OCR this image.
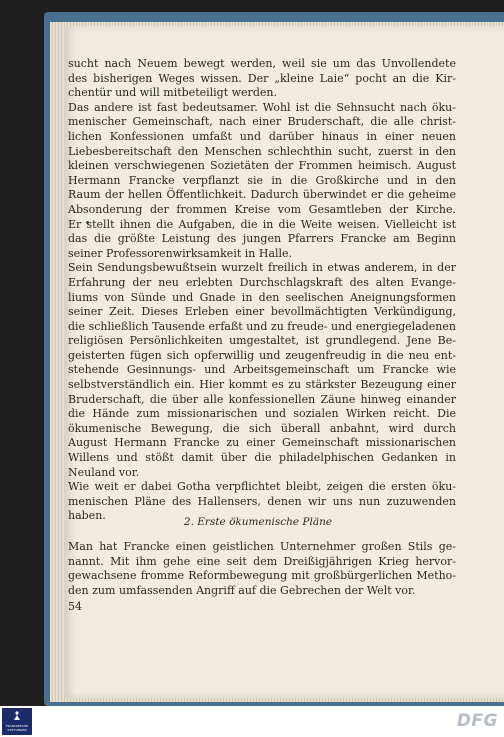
sucht nach Neuem bewegt werden, weil sie um das Unvollendete
des bisherigen Weges wissen. Der „kleine Laie“ pocht an die Kir-
chentür und will mitbeteiligt werden.
Das andere ist fast bedeutsamer. Wohl ist die Sehnsucht nach öku-
menischer Gemeinschaft, nach einer Bruderschaft, die alle christ-
lichen Konfessionen umfaßt und darüber hinaus in einer neuen
Liebesbereitschaft den Menschen schlechthin sucht, zuerst in den
kleinen verschwiegenen Sozietäten der Frommen heimisch. August
Hermann Francke verpflanzt sie in die Großkirche und in den
Raum der hellen Öffentlichkeit. Dadurch überwindet er die geheime
Absonderung der frommen Kreise vom Gesamtleben der Kirche.
Er stellt ihnen die Aufgaben, die in die Weite weisen. Vielleicht ist
das die größte Leistung des jungen Pfarrers Francke am Beginn
seiner Professorenwirksamkeit in Halle.
Sein Sendungsbewußtsein wurzelt freilich in etwas anderem, in der
Erfahrung der neu erlebten Durchschlagskraft des alten Evange-
liums von Sünde und Gnade in den seelischen Aneignungsformen
seiner Zeit. Dieses Erleben einer bevollmächtigten Verkündigung,
die schließlich Tausende erfaßt und zu freude- und energiegeladenen
religiösen Persönlichkeiten umgestaltet, ist grundlegend. Jene Be-
geisterten fügen sich opferwillig und zeugenfreudig in die neu ent-
stehende Gesinnungs- und Arbeitsgemeinschaft um Francke wie
selbstverständlich ein. Hier kommt es zu stärkster Bezeugung einer
Bruderschaft, die über alle konfessionellen Zäune hinweg einander
die Hände zum missionarischen und sozialen Wirken reicht. Die
ökumenische Bewegung, die sich überall anbahnt, wird durch
August Hermann Francke zu einer Gemeinschaft missionarischen
Willens und stößt damit über die philadelphischen Gedanken in
Neuland vor.
Wie weit er dabei Gotha verpflichtet bleibt, zeigen die ersten öku-
menischen Pläne des Hallensers, denen wir uns nun zuzuwenden
haben.	2. Erste ökumenische Pläne
Man hat Francke einen geistlichen Unternehmer großen Stils ge-
nannt. Mit ihm gehe eine seit dem Dreißigjährigen Krieg hervor-
gewachsene fromme Reformbewegung mit großbürgerlichen Metho-
den zum umfassenden Angriff auf die Gebrechen der Welt vor.
54
FRANCKESCHE STIFTUNGEN	DFG
